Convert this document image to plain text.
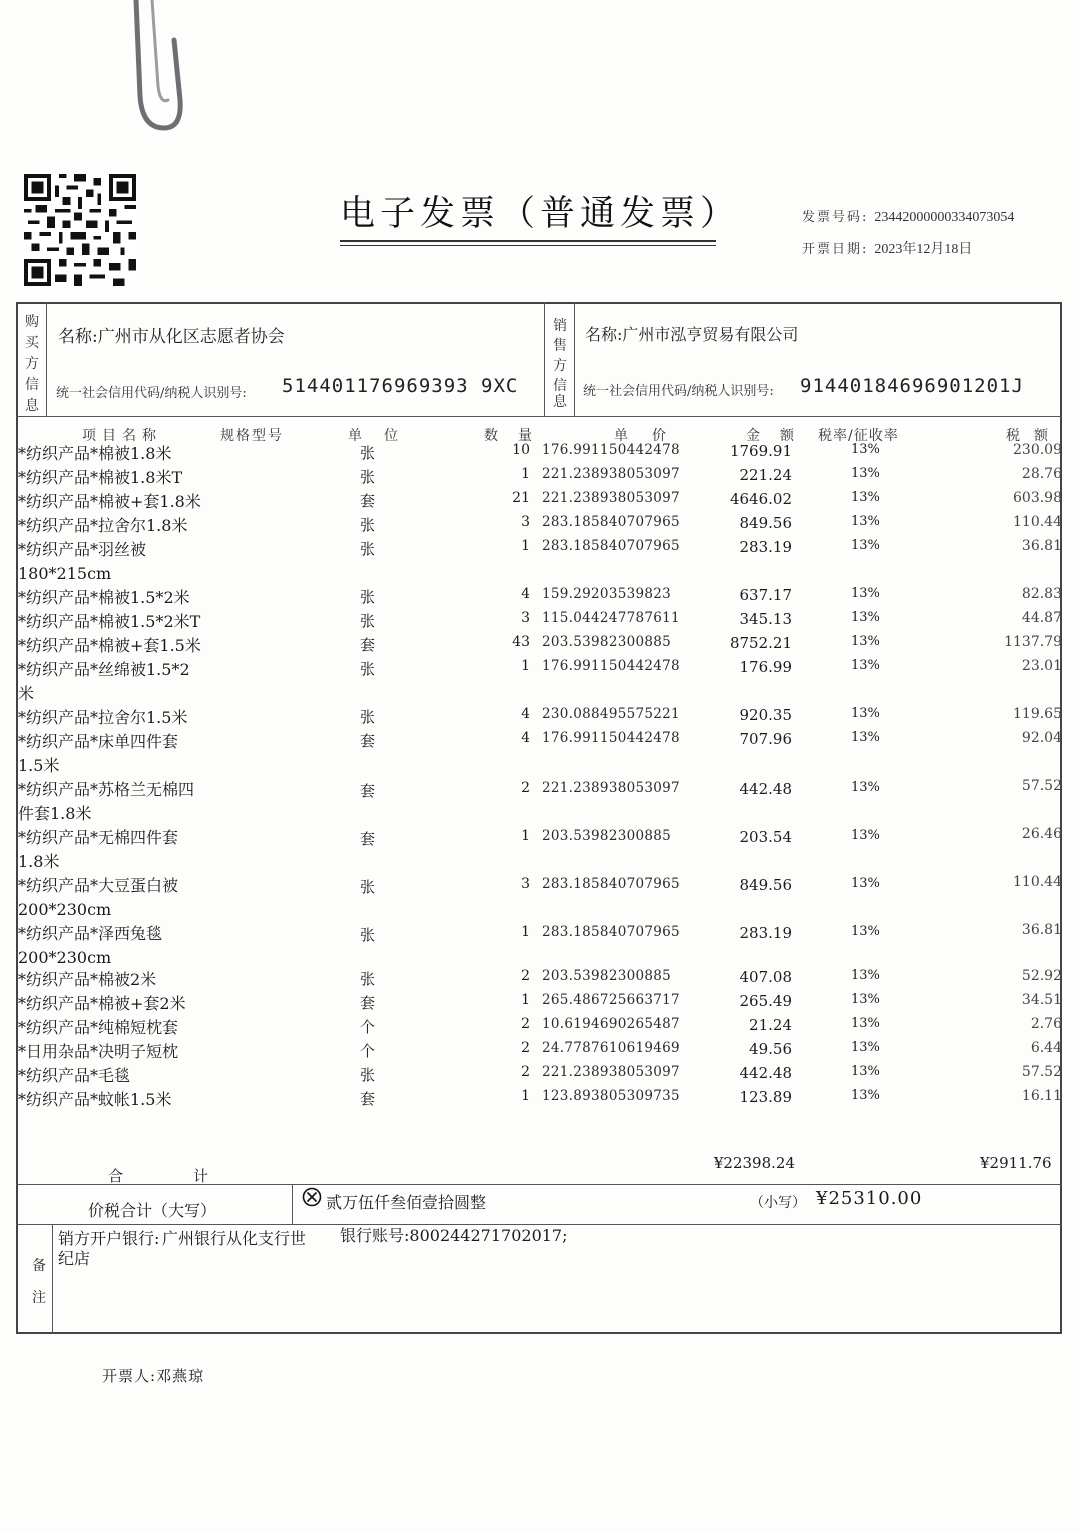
电子发票（普通发票）	发票号码: 23442000000334073054
开票日期: 2023年12月18日
购
买
方
信
息
名称:广州市从化区志愿者协会
统一社会信用代码/纳税人识别号: 514401176969393 9XC
销
售
方
信
息
名称:广州市泓亨贸易有限公司
统一社会信用代码/纳税人识别号: 91440184696901201J
项目名称	规格型号	单位	数量	单价	金额 税率/征收率	税额
*纺织产品*棉被1.8米	张	10 176.991150442478	1769.91	13%	230.09
*纺织产品*棉被1.8米T	张	1 221.238938053097	221.24	13%	28.76
*纺织产品*棉被+套1.8米	套	21 221.238938053097	4646.02	13%	603.98
*纺织产品*拉舍尔1.8米	张	3 283.185840707965	849.56	13%	110.44
*纺织产品*羽丝被180*215cm
张	1 283.185840707965	283.19	13%	36.81
*纺织产品*棉被1.5*2米	张	4 159.29203539823	637.17	13%	82.83
*纺织产品*棉被1.5*2米T	张	3 115.044247787611	345.13	13%	44.87
*纺织产品*棉被+套1.5米	套	43 203.53982300885	8752.21	13%	1137.79
*纺织产品*丝绵被1.5*2米
张	1 176.991150442478	176.99	13%	23.01
*纺织产品*拉舍尔1.5米	张	4 230.088495575221	920.35	13%	119.65
*纺织产品*床单四件套1.5米
套	4 176.991150442478	707.96	13%	92.04
*纺织产品*苏格兰无棉四件套1.8米
套	2 221.238938053097	442.48	13%	57.52
*纺织产品*无棉四件套1.8米
套	1 203.53982300885	203.54	13%	26.46
*纺织产品*大豆蛋白被200*230cm
张	3 283.185840707965	849.56	13%	110.44
*纺织产品*泽西兔毯200*230cm
张	1 283.185840707965	283.19	13%	36.81
*纺织产品*棉被2米	张	2 203.53982300885	407.08	13%	52.92
*纺织产品*棉被+套2米	套	1 265.486725663717	265.49	13%	34.51
*纺织产品*纯棉短枕套	个	2 10.6194690265487	21.24	13%	2.76
*日用杂品*决明子短枕	个	2 24.7787610619469	49.56	13%	6.44
*纺织产品*毛毯	张	2 221.238938053097	442.48	13%	57.52
*纺织产品*蚊帐1.5米	套	1 123.893805309735	123.89	13%	16.11
合计
¥22398.24	¥2911.76
价税合计（大写）	贰万伍仟叁佰壹拾圆整	（小写） ¥25310.00
备
注
销方开户银行: 广州银行从化支行世纪店
银行账号:800244271702017;
开票人:邓燕琼
